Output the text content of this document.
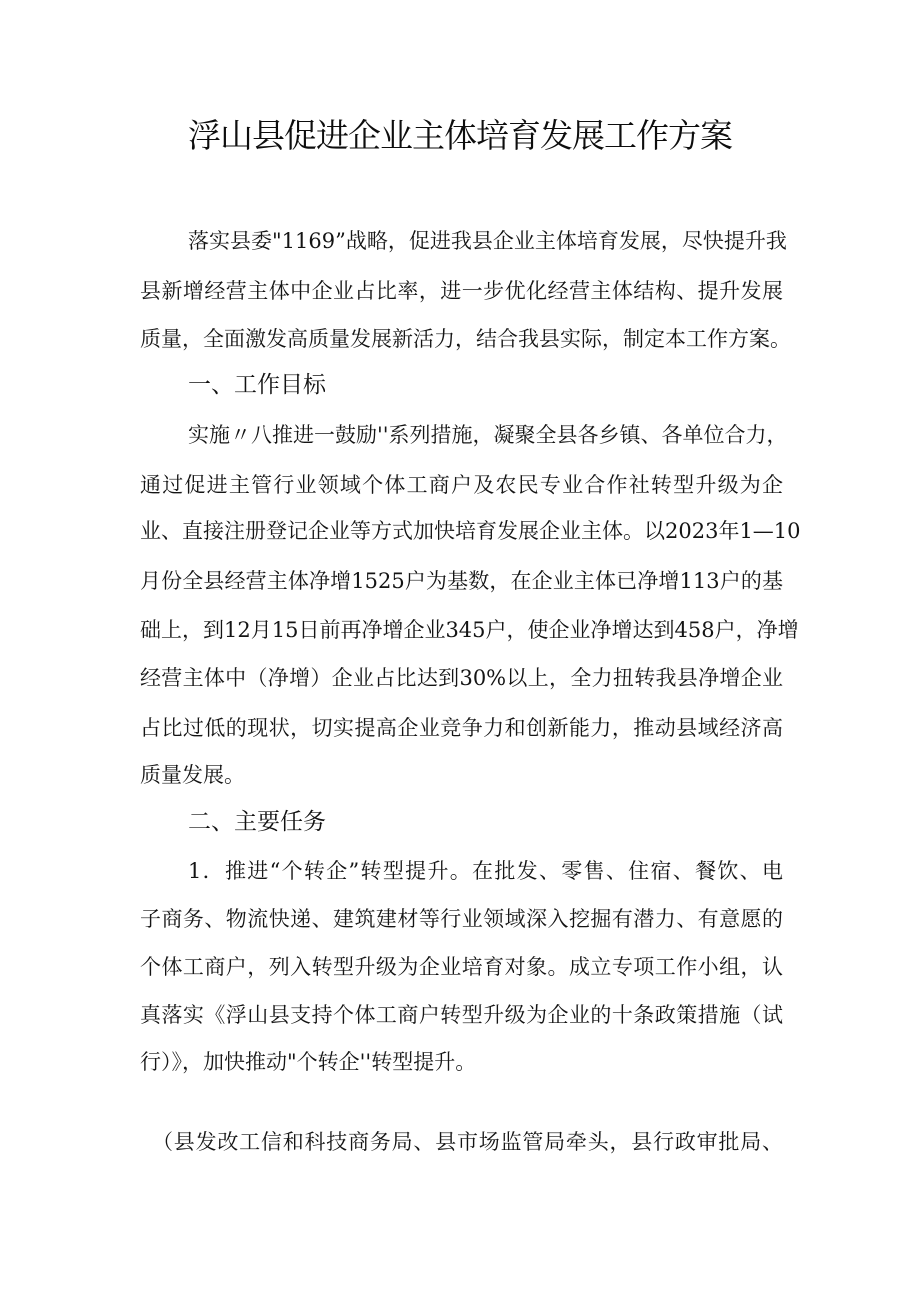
浮山县促进企业主体培育发展工作方案
落实县委"1169”战略，促进我县企业主体培育发展，尽快提升我
县新增经营主体中企业占比率，进一步优化经营主体结构、提升发展
质量，全面激发高质量发展新活力，结合我县实际，制定本工作方案。
一、工作目标
实施〃八推进一鼓励''系列措施，凝聚全县各乡镇、各单位合力，
通过促进主管行业领域个体工商户及农民专业合作社转型升级为企
业、直接注册登记企业等方式加快培育发展企业主体。以2023年1—10
月份全县经营主体净增1525户为基数，在企业主体已净增113户的基
础上，到12月15日前再净增企业345户，使企业净增达到458户，净增
经营主体中（净增）企业占比达到30%以上，全力扭转我县净增企业
占比过低的现状，切实提高企业竞争力和创新能力，推动县域经济高
质量发展。
二、主要任务
1．推进“个转企”转型提升。在批发、零售、住宿、餐饮、电
子商务、物流快递、建筑建材等行业领域深入挖掘有潜力、有意愿的
个体工商户，列入转型升级为企业培育对象。成立专项工作小组，认
真落实《浮山县支持个体工商户转型升级为企业的十条政策措施（试
行）》，加快推动"个转企''转型提升。
（县发改工信和科技商务局、县市场监管局牵头，县行政审批局、
